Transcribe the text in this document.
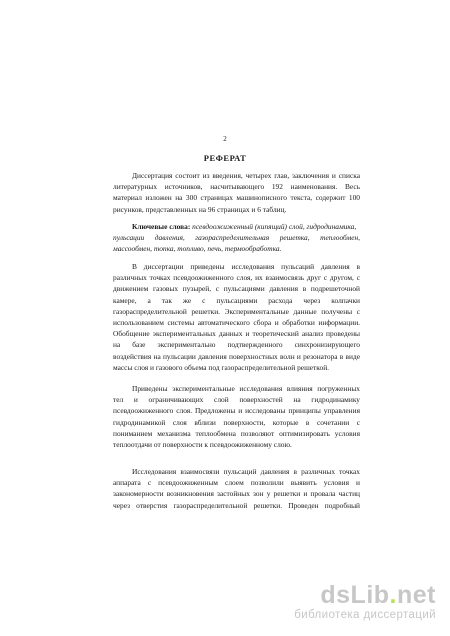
2
РЕФЕРАТ
Диссертация состоит из введения, четырех глав, заключения и списка
литературных источников, насчитывающего 192 наименования. Весь
материал изложен на 300 страницах машинописного текста, содержит 100
рисунков, представленных на 96 страницах и 6 таблиц.
Ключевые слова: псевдоожиженный (кипящий) слой, гидродинамика,
пульсации давления, газораспределительная решетка, теплообмен,
массообмен, топка, топливо, печь, термообработка.
В диссертации приведены исследования пульсаций давления в
различных точках псевдоожиженного слоя, их взаимосвязь друг с другом, с
движением газовых пузырей, с пульсациями давления в подрешеточной
камере, а так же с пульсациями расхода через колпачки
газораспределительной решетки. Экспериментальные данные получены с
использованием системы автоматического сбора и обработки информации.
Обобщение экспериментальных данных и теоретический анализ проведены
на базе экспериментально подтвержденного синхронизирующего
воздействия на пульсации давления поверхностных волн и резонатора в виде
массы слоя и газового объема под газораспределительной решеткой.
Приведены экспериментальные исследования влияния погруженных
тел и ограничивающих слой поверхностей на гидродинамику
псевдоожиженного слоя. Предложены и исследованы принципы управления
гидродинамикой слоя вблизи поверхности, которые в сочетании с
пониманием механизма теплообмена позволяют оптимизировать условия
теплоотдачи от поверхности к псевдоожиженному слою.
Исследования взаимосвязи пульсаций давления в различных точках
аппарата с псевдоожиженным слоем позволили выявить условия и
закономерности возникновения застойных зон у решетки и провала частиц
через отверстия газораспределительной решетки. Проведен подробный
dsLib.net
библиотека диссертаций
